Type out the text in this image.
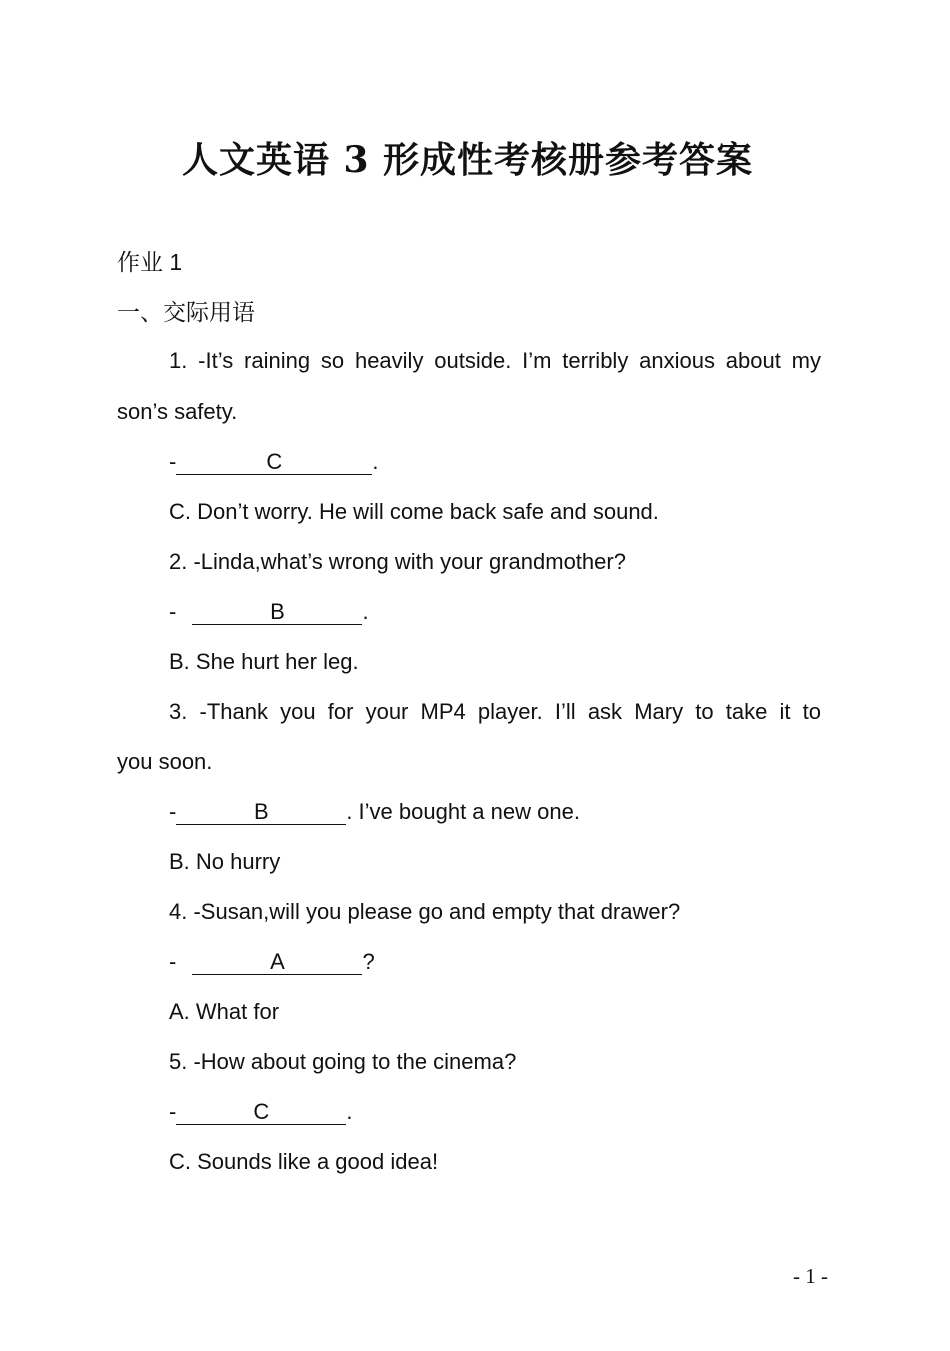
人文英语 3 形成性考核册参考答案
作业 1
一、交际用语
1. -It’s raining so heavily outside. I’m terribly anxious about my
son’s safety.
-	C	.
C. Don’t worry. He will come back safe and sound.
2. -Linda,what’s wrong with your grandmother?
-	B	.
B. She hurt her leg.
3. -Thank you for your MP4 player. I’ll ask Mary to take it to
you soon.
-	B	. I’ve bought a new one.
B. No hurry
4. -Susan,will you please go and empty that drawer?
-	A	?
A. What for
5. -How about going to the cinema?
-	C	.
C. Sounds like a good idea!
- 1 -
